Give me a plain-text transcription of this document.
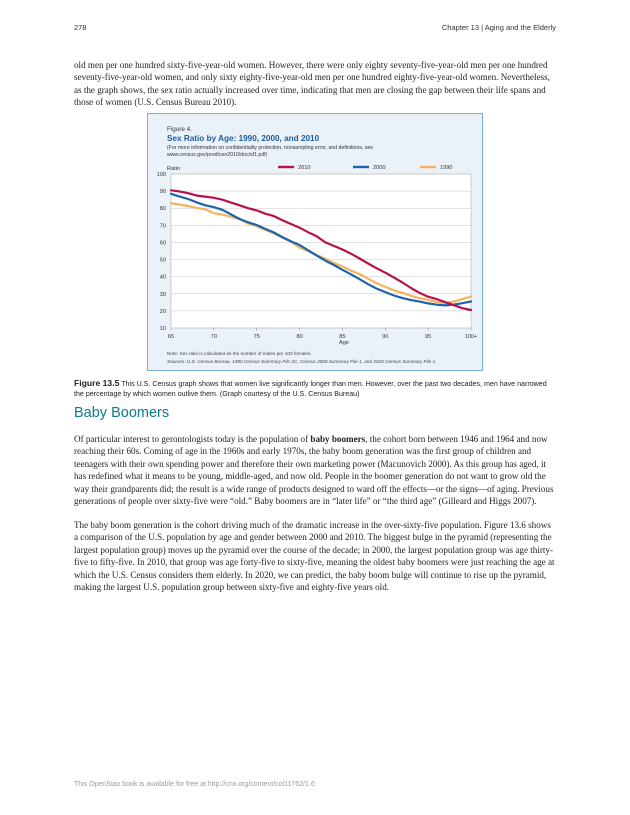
278	Chapter 13 | Aging and the Elderly

old men per one hundred sixty-five-year-old women. However, there were only eighty seventy-five-year-old men per one hundred seventy-five-year-old women, and only sixty eighty-five-year-old men per one hundred eighty-five-year-old women. Nevertheless, as the graph shows, the sex ratio actually increased over time, indicating that men are closing the gap between their life spans and those of women (U.S. Census Bureau 2010).

Figure 4.
Sex Ratio by Age: 1990, 2000, and 2010
(For more information on confidentiality protection, nonsampling error, and definitions, see
www.census.gov/prod/cen2010/doc/sf1.pdf)
Ratio
10
20
30
40
50
60
70
80
90
100
65	70	75	80	85	90	95	100+
2010	2000	1990
Age
Note: Sex ratio is calculated as the number of males per 100 females.
Sources: U.S. Census Bureau, 1990 Census Summary File 2C, Census 2000 Summary File 1, and 2010 Census Summary File 1.

Figure 13.5 This U.S. Census graph shows that women live significantly longer than men. However, over the past two decades, men have narrowed the percentage by which women outlive them. (Graph courtesy of the U.S. Census Bureau)

Baby Boomers

Of particular interest to gerontologists today is the population of baby boomers, the cohort born between 1946 and 1964 and now reaching their 60s. Coming of age in the 1960s and early 1970s, the baby boom generation was the first group of children and teenagers with their own spending power and therefore their own marketing power (Macunovich 2000). As this group has aged, it has redefined what it means to be young, middle-aged, and now old. People in the boomer generation do not want to grow old the way their grandparents did; the result is a wide range of products designed to ward off the effects—or the signs—of aging. Previous generations of people over sixty-five were “old.” Baby boomers are in “later life” or “the third age” (Gilleard and Higgs 2007).

The baby boom generation is the cohort driving much of the dramatic increase in the over-sixty-five population. Figure 13.6 shows a comparison of the U.S. population by age and gender between 2000 and 2010. The biggest bulge in the pyramid (representing the largest population group) moves up the pyramid over the course of the decade; in 2000, the largest population group was age thirty-five to fifty-five. In 2010, that group was age forty-five to sixty-five, meaning the oldest baby boomers were just reaching the age at which the U.S. Census considers them elderly. In 2020, we can predict, the baby boom bulge will continue to rise up the pyramid, making the largest U.S. population group between sixty-five and eighty-five years old.

This OpenStax book is available for free at http://cnx.org/content/col11762/1.6
